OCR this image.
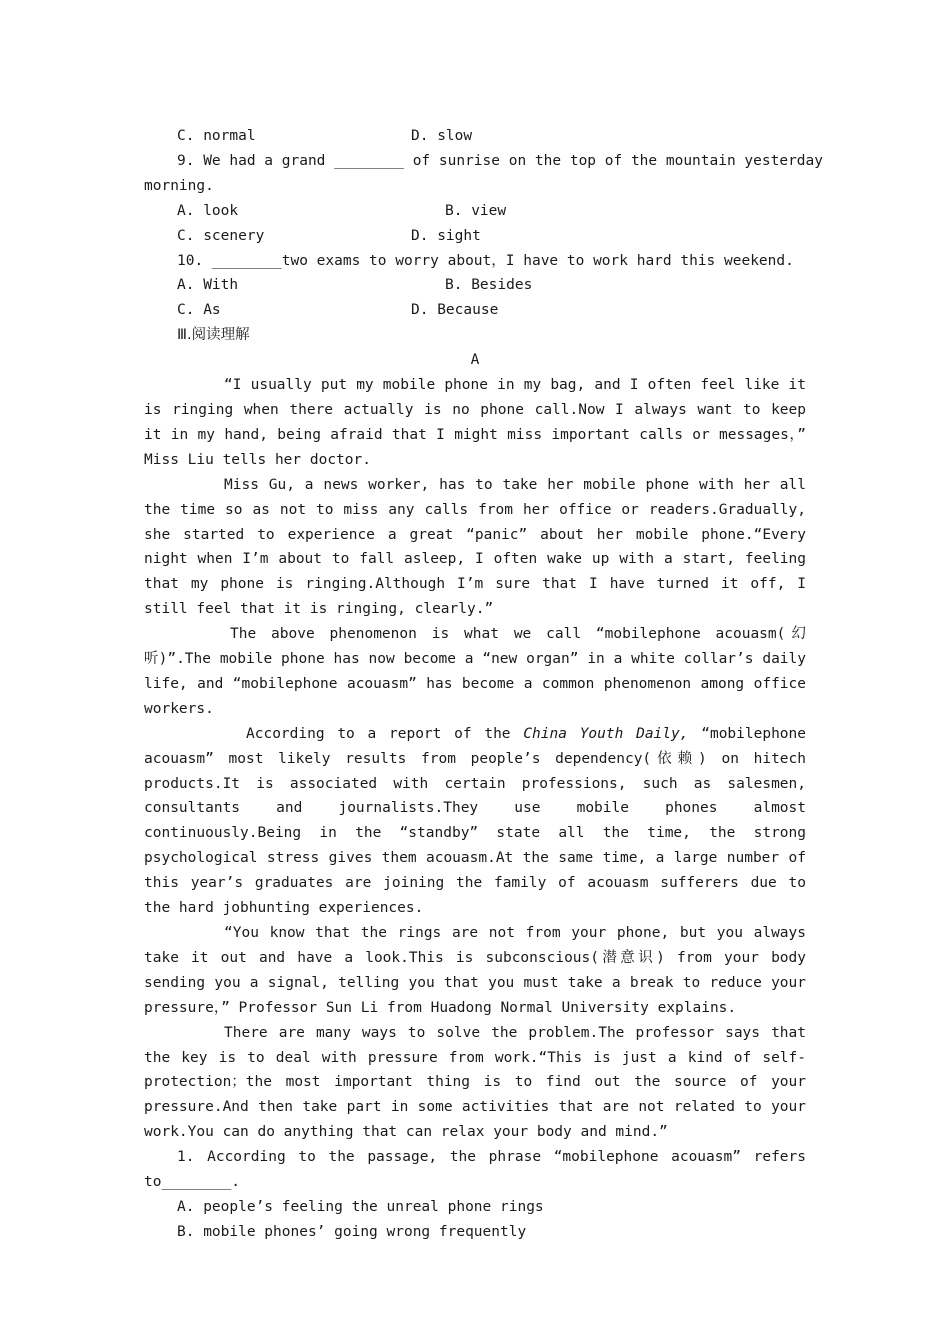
C. normal	D. slow
9. We had a grand ________ of sunrise on the top of the mountain yesterday
morning.
A. look	B. view
C. scenery	D. sight
10. ________two exams to worry about，I have to work hard this weekend.
A. With	B. Besides
C. As	D. Because
Ⅲ.阅读理解
A
“I usually put my mobile phone in my bag, and I often feel like it is ringing when there actually is no phone call.Now I always want to keep it in my hand, being afraid that I might miss important calls or messages，” Miss Liu tells her doctor.
Miss Gu, a news worker, has to take her mobile phone with her all the time so as not to miss any calls from her office or readers.Gradually, she started to experience a great “panic” about her mobile phone.“Every night when I’m about to fall asleep, I often wake up with a start, feeling that my phone is ringing.Although I’m sure that I have turned it off, I still feel that it is ringing, clearly.”
The above phenomenon is what we call “mobilephone acouasm(幻听)”.The mobile phone has now become a “new organ” in a white collar’s daily life, and “mobilephone acouasm” has become a common phenomenon among office workers.
According to a report of the China Youth Daily, “mobilephone acouasm” most likely results from people’s dependency(依赖) on hitech products.It is associated with certain professions, such as salesmen, consultants and journalists.They use mobile phones almost continuously.Being in the “standby” state all the time, the strong psychological stress gives them acouasm.At the same time, a large number of this year’s graduates are joining the family of acouasm sufferers due to the hard jobhunting experiences.
“You know that the rings are not from your phone, but you always take it out and have a look.This is subconscious(潜意识) from your body sending you a signal, telling you that you must take a break to reduce your pressure，” Professor Sun Li from Huadong Normal University explains.
There are many ways to solve the problem.The professor says that the key is to deal with pressure from work.“This is just a kind of self-protection；the most important thing is to find out the source of your pressure.And then take part in some activities that are not related to your work.You can do anything that can relax your body and mind.”
1. According to the passage, the phrase “mobilephone acouasm” refers to________.
A. people’s feeling the unreal phone rings
B. mobile phones’ going wrong frequently
